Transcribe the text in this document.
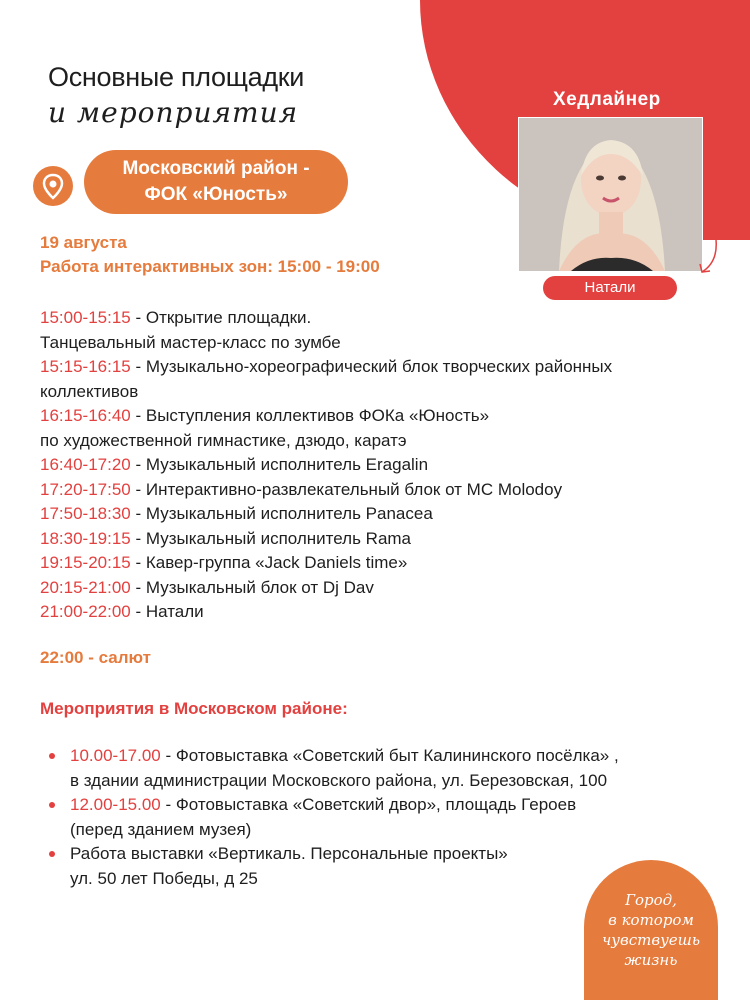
Основные площадки
и мероприятия	Хедлайнер
Натали
Московский район -
ФОК «Юность»
19 августа
Работа интерактивных зон: 15:00 - 19:00
15:00-15:15 - Открытие площадки.
Танцевальный мастер-класс по зумбе
15:15-16:15 - Музыкально-хореографический блок творческих районных
коллективов
16:15-16:40 - Выступления коллективов ФОКа «Юность»
по художественной гимнастике, дзюдо, каратэ
16:40-17:20 - Музыкальный исполнитель Eragalin
17:20-17:50 - Интерактивно-развлекательный блок от MC Molodoy
17:50-18:30 - Музыкальный исполнитель Panacea
18:30-19:15 - Музыкальный исполнитель Rama
19:15-20:15 - Кавер-группа «Jack Daniels time»
20:15-21:00 - Музыкальный блок от Dj Dav
21:00-22:00 - Натали
22:00 - салют
Мероприятия в Московском районе:
10.00-17.00 - Фотовыставка «Советский быт Калининского посёлка» ,
в здании администрации Московского района, ул. Березовская, 100
12.00-15.00 - Фотовыставка «Советский двор», площадь Героев
(перед зданием музея)
Работа выставки «Вертикаль. Персональные проекты»
ул. 50 лет Победы, д 25
Город,
в котором
чувствуешь
жизнь
